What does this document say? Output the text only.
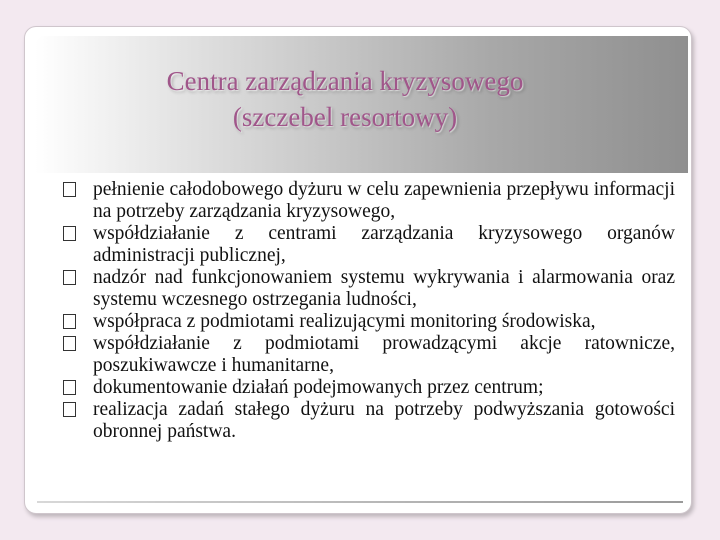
Centra zarządzania kryzysowego
(szczebel resortowy)
pełnienie całodobowego dyżuru w celu zapewnienia przepływu informacji na potrzeby zarządzania kryzysowego,
współdziałanie z centrami zarządzania kryzysowego organów administracji publicznej,
nadzór nad funkcjonowaniem systemu wykrywania i alarmowania oraz systemu wczesnego ostrzegania ludności,
współpraca z podmiotami realizującymi monitoring środowiska,
współdziałanie z podmiotami prowadzącymi akcje ratownicze, poszukiwawcze i humanitarne,
dokumentowanie działań podejmowanych przez centrum;
realizacja zadań stałego dyżuru na potrzeby podwyższania gotowości obronnej państwa.
